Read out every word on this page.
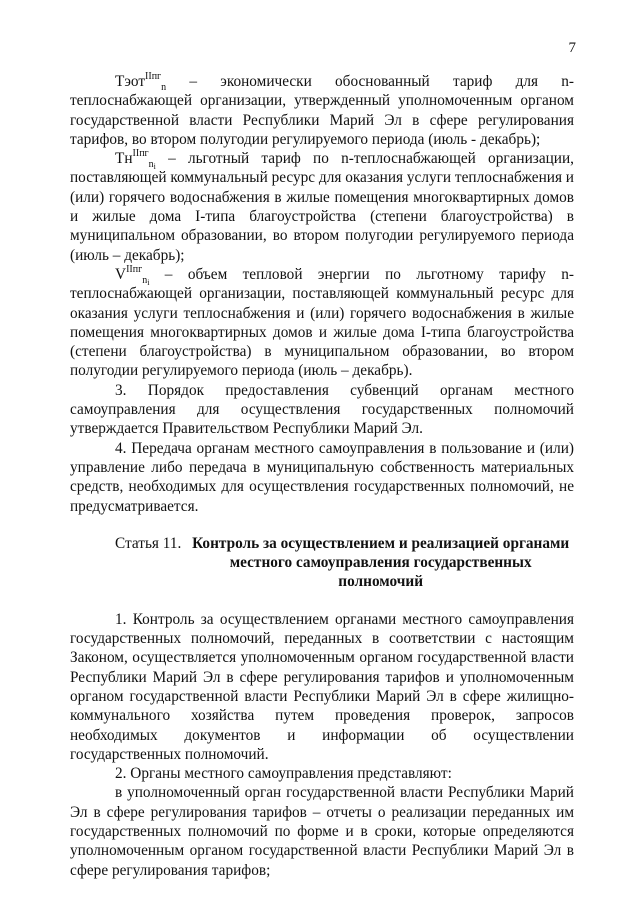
7

Тэот$^{IIпг}_n$ – экономически обоснованный тариф для n-теплоснабжающей организации, утвержденный уполномоченным органом государственной власти Республики Марий Эл в сфере регулирования тарифов, во втором полугодии регулируемого периода (июль - декабрь);

$Тн^{IIпг}_{n_i}$ – льготный тариф по n-теплоснабжающей организации, поставляющей коммунальный ресурс для оказания услуги теплоснабжения и (или) горячего водоснабжения в жилые помещения многоквартирных домов и жилые дома I-типа благоустройства (степени благоустройства) в муниципальном образовании, во втором полугодии регулируемого периода (июль – декабрь);

$V^{IIпг}_{n_i}$ – объем тепловой энергии по льготному тарифу n-теплоснабжающей организации, поставляющей коммунальный ресурс для оказания услуги теплоснабжения и (или) горячего водоснабжения в жилые помещения многоквартирных домов и жилые дома I-типа благоустройства (степени благоустройства) в муниципальном образовании, во втором полугодии регулируемого периода (июль – декабрь).

3. Порядок предоставления субвенций органам местного самоуправления для осуществления государственных полномочий утверждается Правительством Республики Марий Эл.

4. Передача органам местного самоуправления в пользование и (или) управление либо передача в муниципальную собственность материальных средств, необходимых для осуществления государственных полномочий, не предусматривается.

Статья 11. Контроль за осуществлением и реализацией органами местного самоуправления государственных полномочий

1. Контроль за осуществлением органами местного самоуправления государственных полномочий, переданных в соответствии с настоящим Законом, осуществляется уполномоченным органом государственной власти Республики Марий Эл в сфере регулирования тарифов и уполномоченным органом государственной власти Республики Марий Эл в сфере жилищно-коммунального хозяйства путем проведения проверок, запросов необходимых документов и информации об осуществлении государственных полномочий.

2. Органы местного самоуправления представляют:

в уполномоченный орган государственной власти Республики Марий Эл в сфере регулирования тарифов – отчеты о реализации переданных им государственных полномочий по форме и в сроки, которые определяются уполномоченным органом государственной власти Республики Марий Эл в сфере регулирования тарифов;
